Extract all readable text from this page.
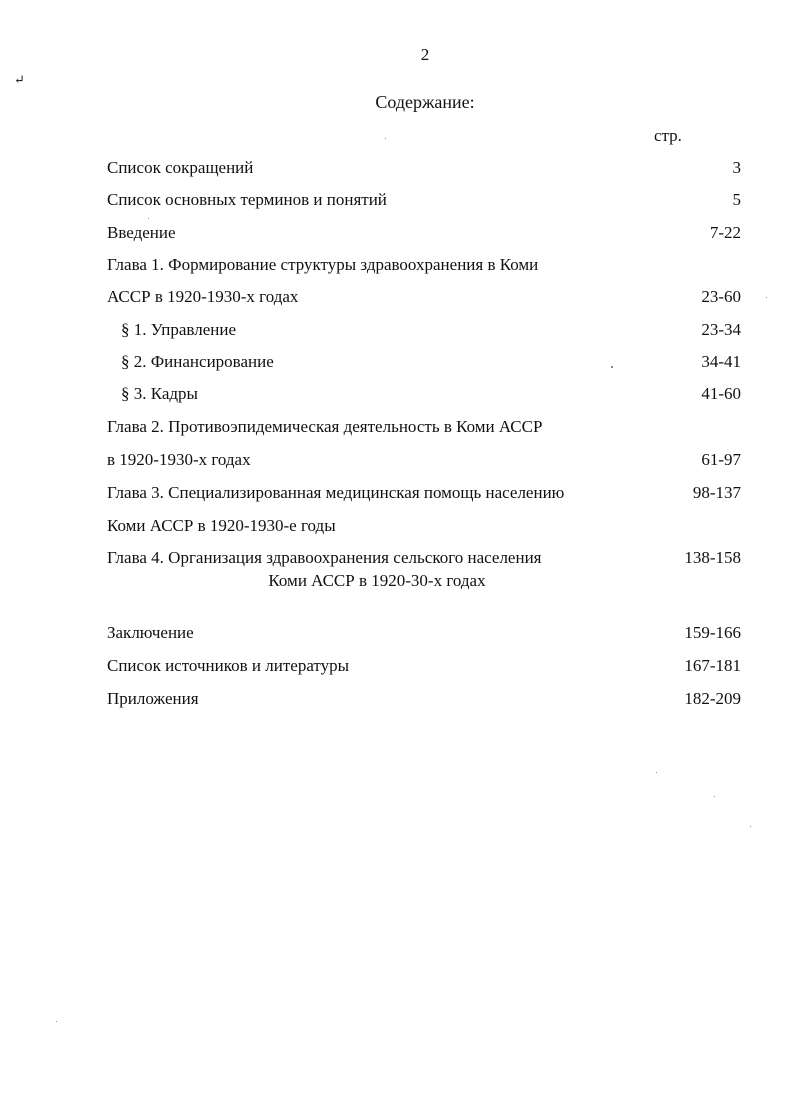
↵
2
Содержание:
стр.
Список сокращений	3
Список основных терминов и понятий	5
Введение	7-22
Глава 1. Формирование структуры здравоохранения в Коми
АССР в 1920-1930-х годах	23-60
§ 1. Управление	23-34
§ 2. Финансирование	34-41
§ 3. Кадры	41-60
Глава 2. Противоэпидемическая деятельность в Коми АССР
в 1920-1930-х годах	61-97
Глава 3. Специализированная медицинская помощь населению	98-137
Коми АССР в 1920-1930-е годы
Глава 4. Организация здравоохранения сельского населения	138-158
Коми АССР в 1920-30-х годах
Заключение	159-166
Список источников и литературы	167-181
Приложения	182-209
